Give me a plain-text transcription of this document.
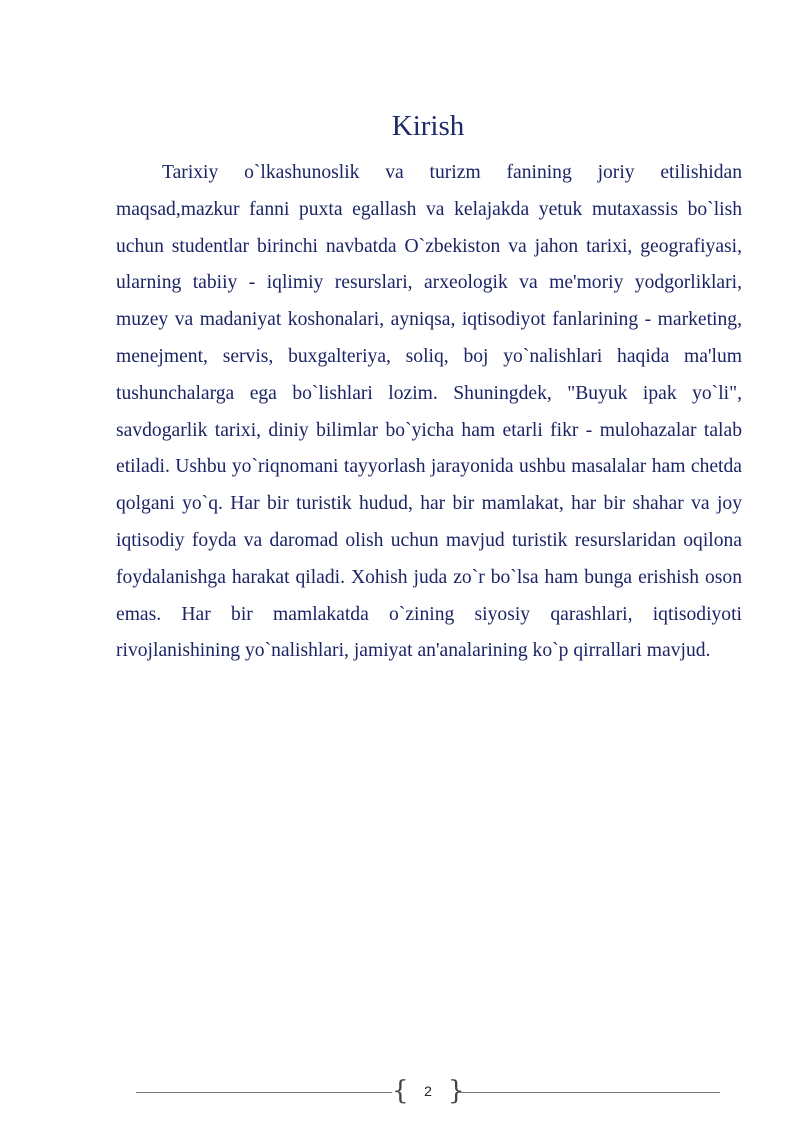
Kirish

Tarixiy o`lkashunoslik va turizm fanining joriy etilishidan maqsad,mazkur fanni puxta egallash va kelajakda yetuk mutaxassis bo`lish uchun studentlar birinchi navbatda O`zbekiston va jahon tarixi, geografiyasi, ularning tabiiy - iqlimiy resurslari, arxeologik va me'moriy yodgorliklari, muzey va madaniyat koshonalari, ayniqsa, iqtisodiyot fanlarining - marketing, menejment, servis, buxgalteriya, soliq, boj yo`nalishlari haqida ma'lum tushunchalarga ega bo`lishlari lozim. Shuningdek, "Buyuk ipak yo`li", savdogarlik tarixi, diniy bilimlar bo`yicha ham etarli fikr - mulohazalar talab etiladi. Ushbu yo`riqnomani tayyorlash jarayonida ushbu masalalar ham chetda qolgani yo`q. Har bir turistik hudud, har bir mamlakat, har bir shahar va joy iqtisodiy foyda va daromad olish uchun mavjud turistik resurslaridan oqilona foydalanishga harakat qiladi. Xohish juda zo`r bo`lsa ham bunga erishish oson emas. Har bir mamlakatda o`zining siyosiy qarashlari, iqtisodiyoti rivojlanishining yo`nalishlari, jamiyat an'analarining ko`p qirrallari mavjud.

{	2 }
